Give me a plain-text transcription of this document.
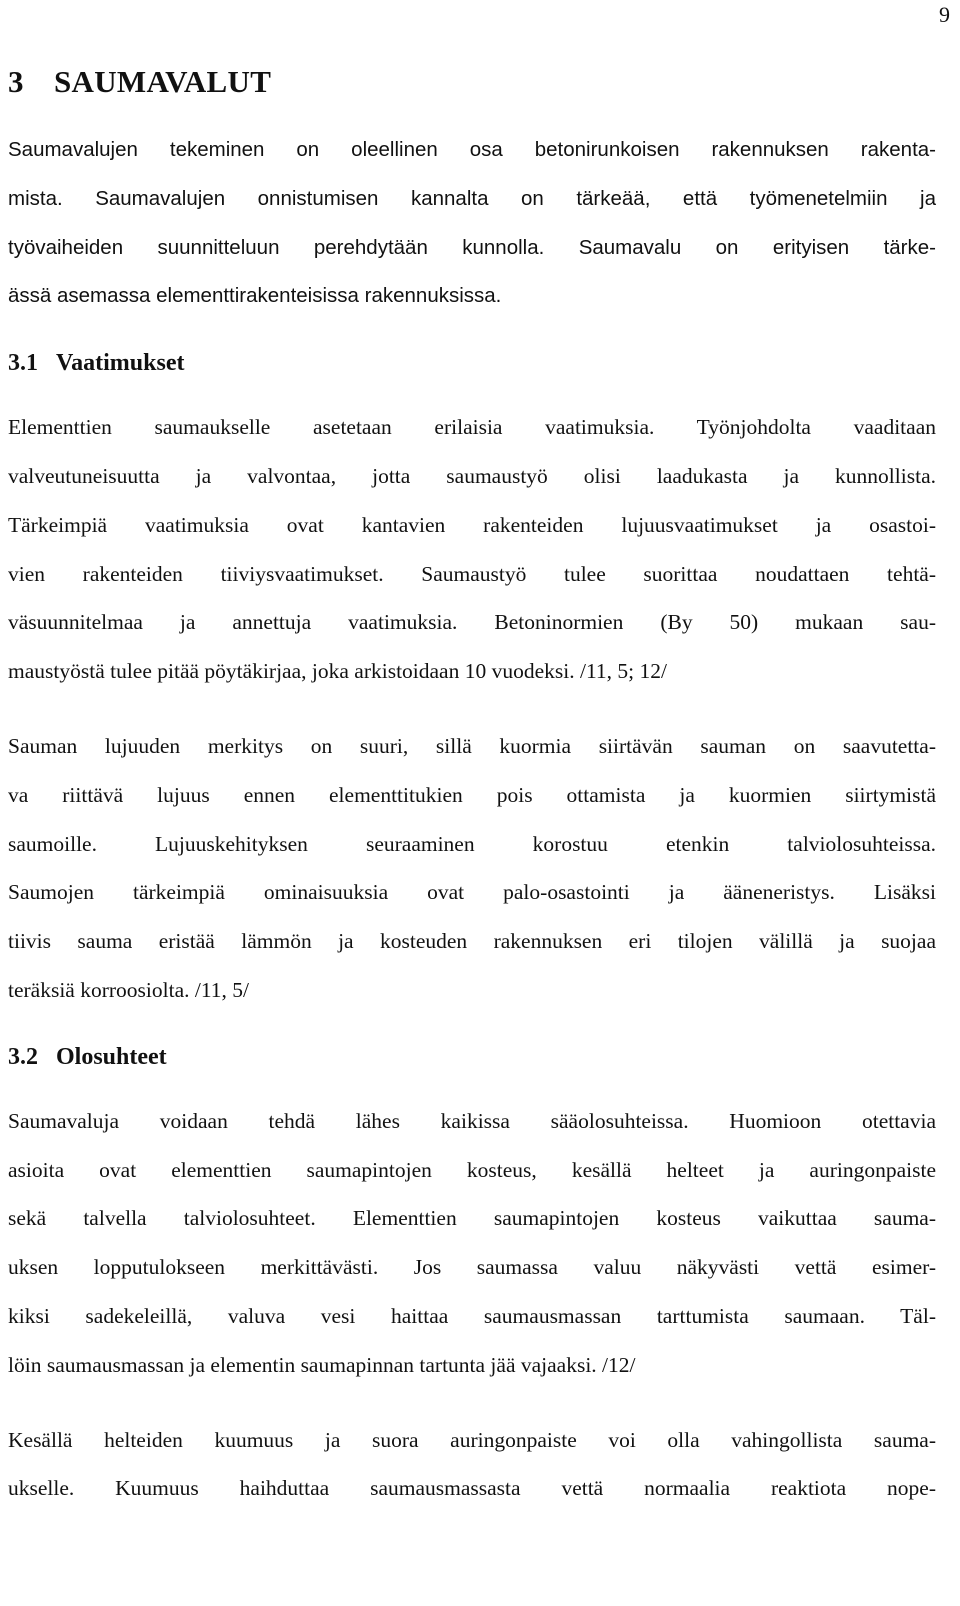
9
3 SAUMAVALUT

Saumavalujen tekeminen on oleellinen osa betonirunkoisen rakennuksen rakenta-
mista. Saumavalujen onnistumisen kannalta on tärkeää, että työmenetelmiin ja
työvaiheiden suunnitteluun perehdytään kunnolla. Saumavalu on erityisen tärke-
ässä asemassa elementtirakenteisissa rakennuksissa.

3.1 Vaatimukset

Elementtien saumaukselle asetetaan erilaisia vaatimuksia. Työnjohdolta vaaditaan
valveutuneisuutta ja valvontaa, jotta saumaustyö olisi laadukasta ja kunnollista.
Tärkeimpiä vaatimuksia ovat kantavien rakenteiden lujuusvaatimukset ja osastoi-
vien rakenteiden tiiviysvaatimukset. Saumaustyö tulee suorittaa noudattaen tehtä-
väsuunnitelmaa ja annettuja vaatimuksia. Betoninormien (By 50) mukaan sau-
maustyöstä tulee pitää pöytäkirjaa, joka arkistoidaan 10 vuodeksi. /11, 5; 12/

Sauman lujuuden merkitys on suuri, sillä kuormia siirtävän sauman on saavutetta-
va riittävä lujuus ennen elementtitukien pois ottamista ja kuormien siirtymistä
saumoille. Lujuuskehityksen seuraaminen korostuu etenkin talviolosuhteissa.
Saumojen tärkeimpiä ominaisuuksia ovat palo-osastointi ja ääneneristys. Lisäksi
tiivis sauma eristää lämmön ja kosteuden rakennuksen eri tilojen välillä ja suojaa
teräksiä korroosiolta. /11, 5/

3.2 Olosuhteet

Saumavaluja voidaan tehdä lähes kaikissa sääolosuhteissa. Huomioon otettavia
asioita ovat elementtien saumapintojen kosteus, kesällä helteet ja auringonpaiste
sekä talvella talviolosuhteet. Elementtien saumapintojen kosteus vaikuttaa sauma-
uksen lopputulokseen merkittävästi. Jos saumassa valuu näkyvästi vettä esimer-
kiksi sadekeleillä, valuva vesi haittaa saumausmassan tarttumista saumaan. Täl-
löin saumausmassan ja elementin saumapinnan tartunta jää vajaaksi. /12/

Kesällä helteiden kuumuus ja suora auringonpaiste voi olla vahingollista sauma-
ukselle. Kuumuus haihduttaa saumausmassasta vettä normaalia reaktiota nope-
